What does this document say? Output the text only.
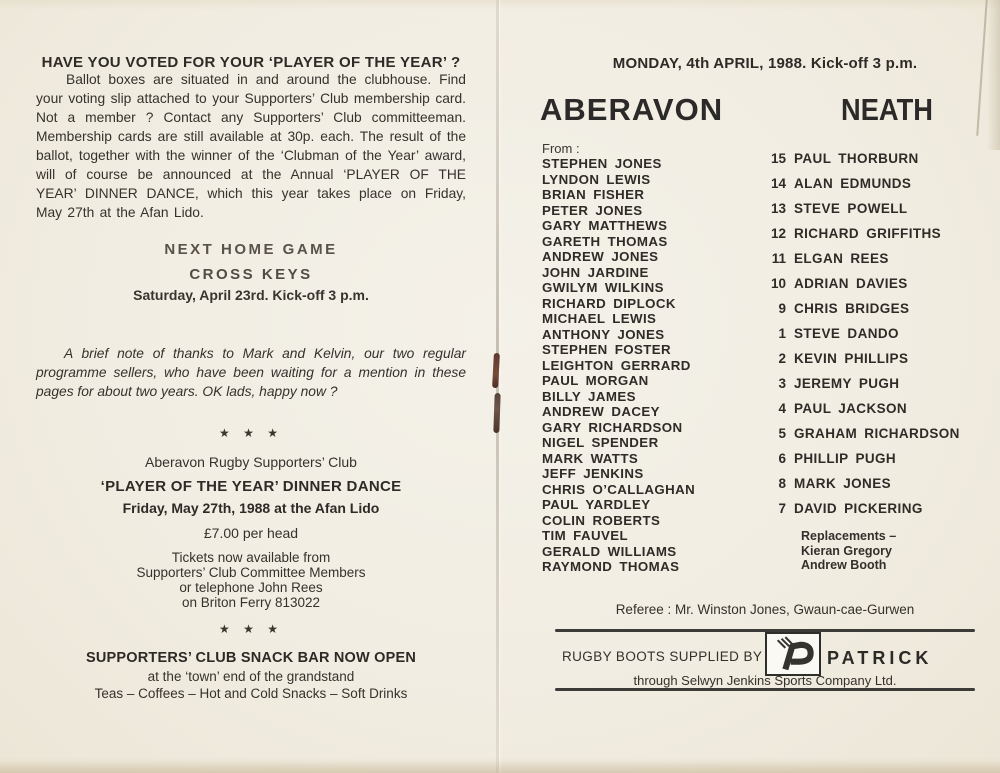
HAVE YOU VOTED FOR YOUR ‘PLAYER OF THE YEAR’ ?
Ballot boxes are situated in and around the clubhouse. Find your voting slip attached to your Supporters’ Club membership card. Not a member ? Contact any Supporters’ Club committeeman. Membership cards are still available at 30p. each. The result of the ballot, together with the winner of the ‘Clubman of the Year’ award, will of course be announced at the Annual ‘PLAYER OF THE YEAR’ DINNER DANCE, which this year takes place on Friday, May 27th at the Afan Lido.
NEXT HOME GAME
CROSS KEYS
Saturday, April 23rd. Kick-off 3 p.m.
A brief note of thanks to Mark and Kelvin, our two regular programme sellers, who have been waiting for a mention in these pages for about two years. OK lads, happy now ?
★ ★ ★
Aberavon Rugby Supporters’ Club
‘PLAYER OF THE YEAR’ DINNER DANCE
Friday, May 27th, 1988 at the Afan Lido
£7.00 per head
Tickets now available from
Supporters’ Club Committee Members
or telephone John Rees
on Briton Ferry 813022
★ ★ ★
SUPPORTERS’ CLUB SNACK BAR NOW OPEN
at the ‘town’ end of the grandstand
Teas – Coffees – Hot and Cold Snacks – Soft Drinks
MONDAY, 4th APRIL, 1988. Kick-off 3 p.m.
ABERAVON	NEATH
From :
STEPHEN JONES
LYNDON LEWIS
BRIAN FISHER
PETER JONES
GARY MATTHEWS
GARETH THOMAS
ANDREW JONES
JOHN JARDINE
GWILYM WILKINS
RICHARD DIPLOCK
MICHAEL LEWIS
ANTHONY JONES
STEPHEN FOSTER
LEIGHTON GERRARD
PAUL MORGAN
BILLY JAMES
ANDREW DACEY
GARY RICHARDSON
NIGEL SPENDER
MARK WATTS
JEFF JENKINS
CHRIS O’CALLAGHAN
PAUL YARDLEY
COLIN ROBERTS
TIM FAUVEL
GERALD WILLIAMS
RAYMOND THOMAS
15 PAUL THORBURN
14 ALAN EDMUNDS
13 STEVE POWELL
12 RICHARD GRIFFITHS
11 ELGAN REES
10 ADRIAN DAVIES
9 CHRIS BRIDGES
1 STEVE DANDO
2 KEVIN PHILLIPS
3 JEREMY PUGH
4 PAUL JACKSON
5 GRAHAM RICHARDSON
6 PHILLIP PUGH
8 MARK JONES
7 DAVID PICKERING
Replacements –
Kieran Gregory
Andrew Booth
Referee : Mr. Winston Jones, Gwaun-cae-Gurwen
RUGBY BOOTS SUPPLIED BY	PATRICK
through Selwyn Jenkins Sports Company Ltd.
